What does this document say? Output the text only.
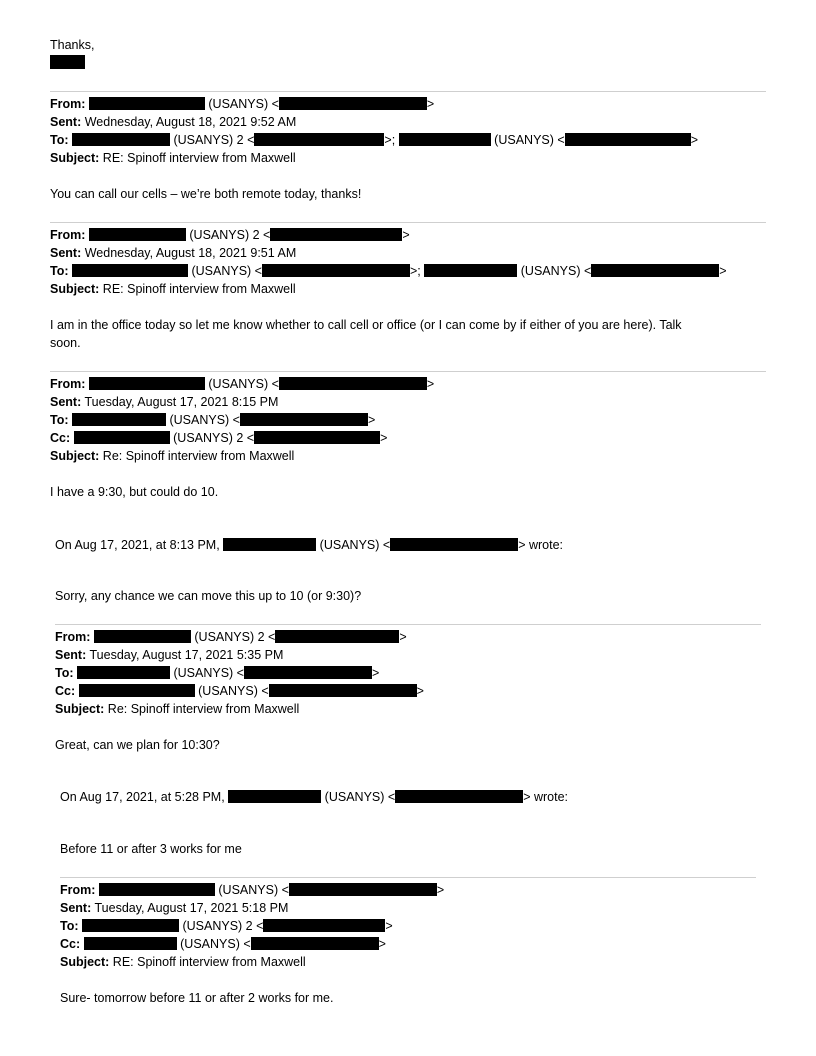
Thanks,
From:	(USANYS) <	>
Sent: Wednesday, August 18, 2021 9:52 AM
To:	(USANYS) 2 <	>;	(USANYS) <	>
Subject: RE: Spinoff interview from Maxwell
You can call our cells – we’re both remote today, thanks!
From:	(USANYS) 2 <	>
Sent: Wednesday, August 18, 2021 9:51 AM
To:	(USANYS) <	>;	(USANYS) <	>
Subject: RE: Spinoff interview from Maxwell
I am in the office today so let me know whether to call cell or office (or I can come by if either of you are here). Talk
soon.
From:	(USANYS) <	>
Sent: Tuesday, August 17, 2021 8:15 PM
To:	(USANYS) <	>
Cc:	(USANYS) 2 <	>
Subject: Re: Spinoff interview from Maxwell
I have a 9:30, but could do 10.
On Aug 17, 2021, at 8:13 PM,	(USANYS) <	> wrote:
Sorry, any chance we can move this up to 10 (or 9:30)?
From:	(USANYS) 2 <	>
Sent: Tuesday, August 17, 2021 5:35 PM
To:	(USANYS) <	>
Cc:	(USANYS) <	>
Subject: Re: Spinoff interview from Maxwell
Great, can we plan for 10:30?
On Aug 17, 2021, at 5:28 PM,	(USANYS) <	> wrote:
Before 11 or after 3 works for me
From:	(USANYS) <	>
Sent: Tuesday, August 17, 2021 5:18 PM
To:	(USANYS) 2 <	>
Cc:	(USANYS) <	>
Subject: RE: Spinoff interview from Maxwell
Sure- tomorrow before 11 or after 2 works for me.
